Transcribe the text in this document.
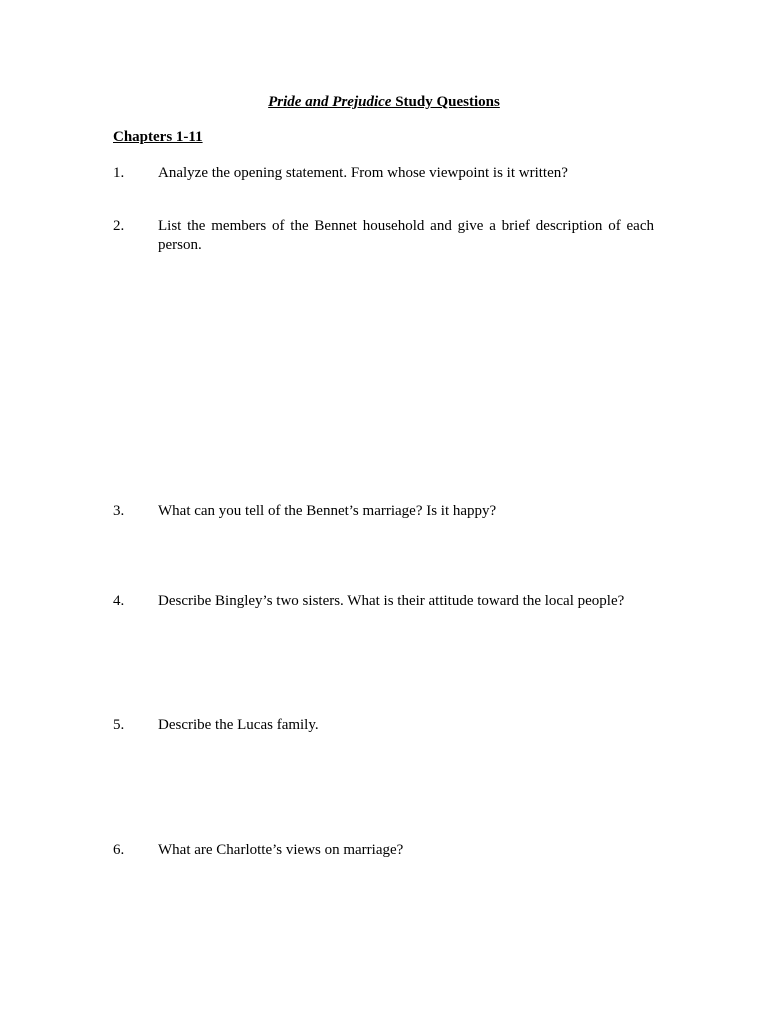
Pride and Prejudice Study Questions
Chapters 1-11
1.	Analyze the opening statement. From whose viewpoint is it written?
2.	List the members of the Bennet household and give a brief description of each person.
3.	What can you tell of the Bennet’s marriage? Is it happy?
4.	Describe Bingley’s two sisters. What is their attitude toward the local people?
5.	Describe the Lucas family.
6.	What are Charlotte’s views on marriage?
